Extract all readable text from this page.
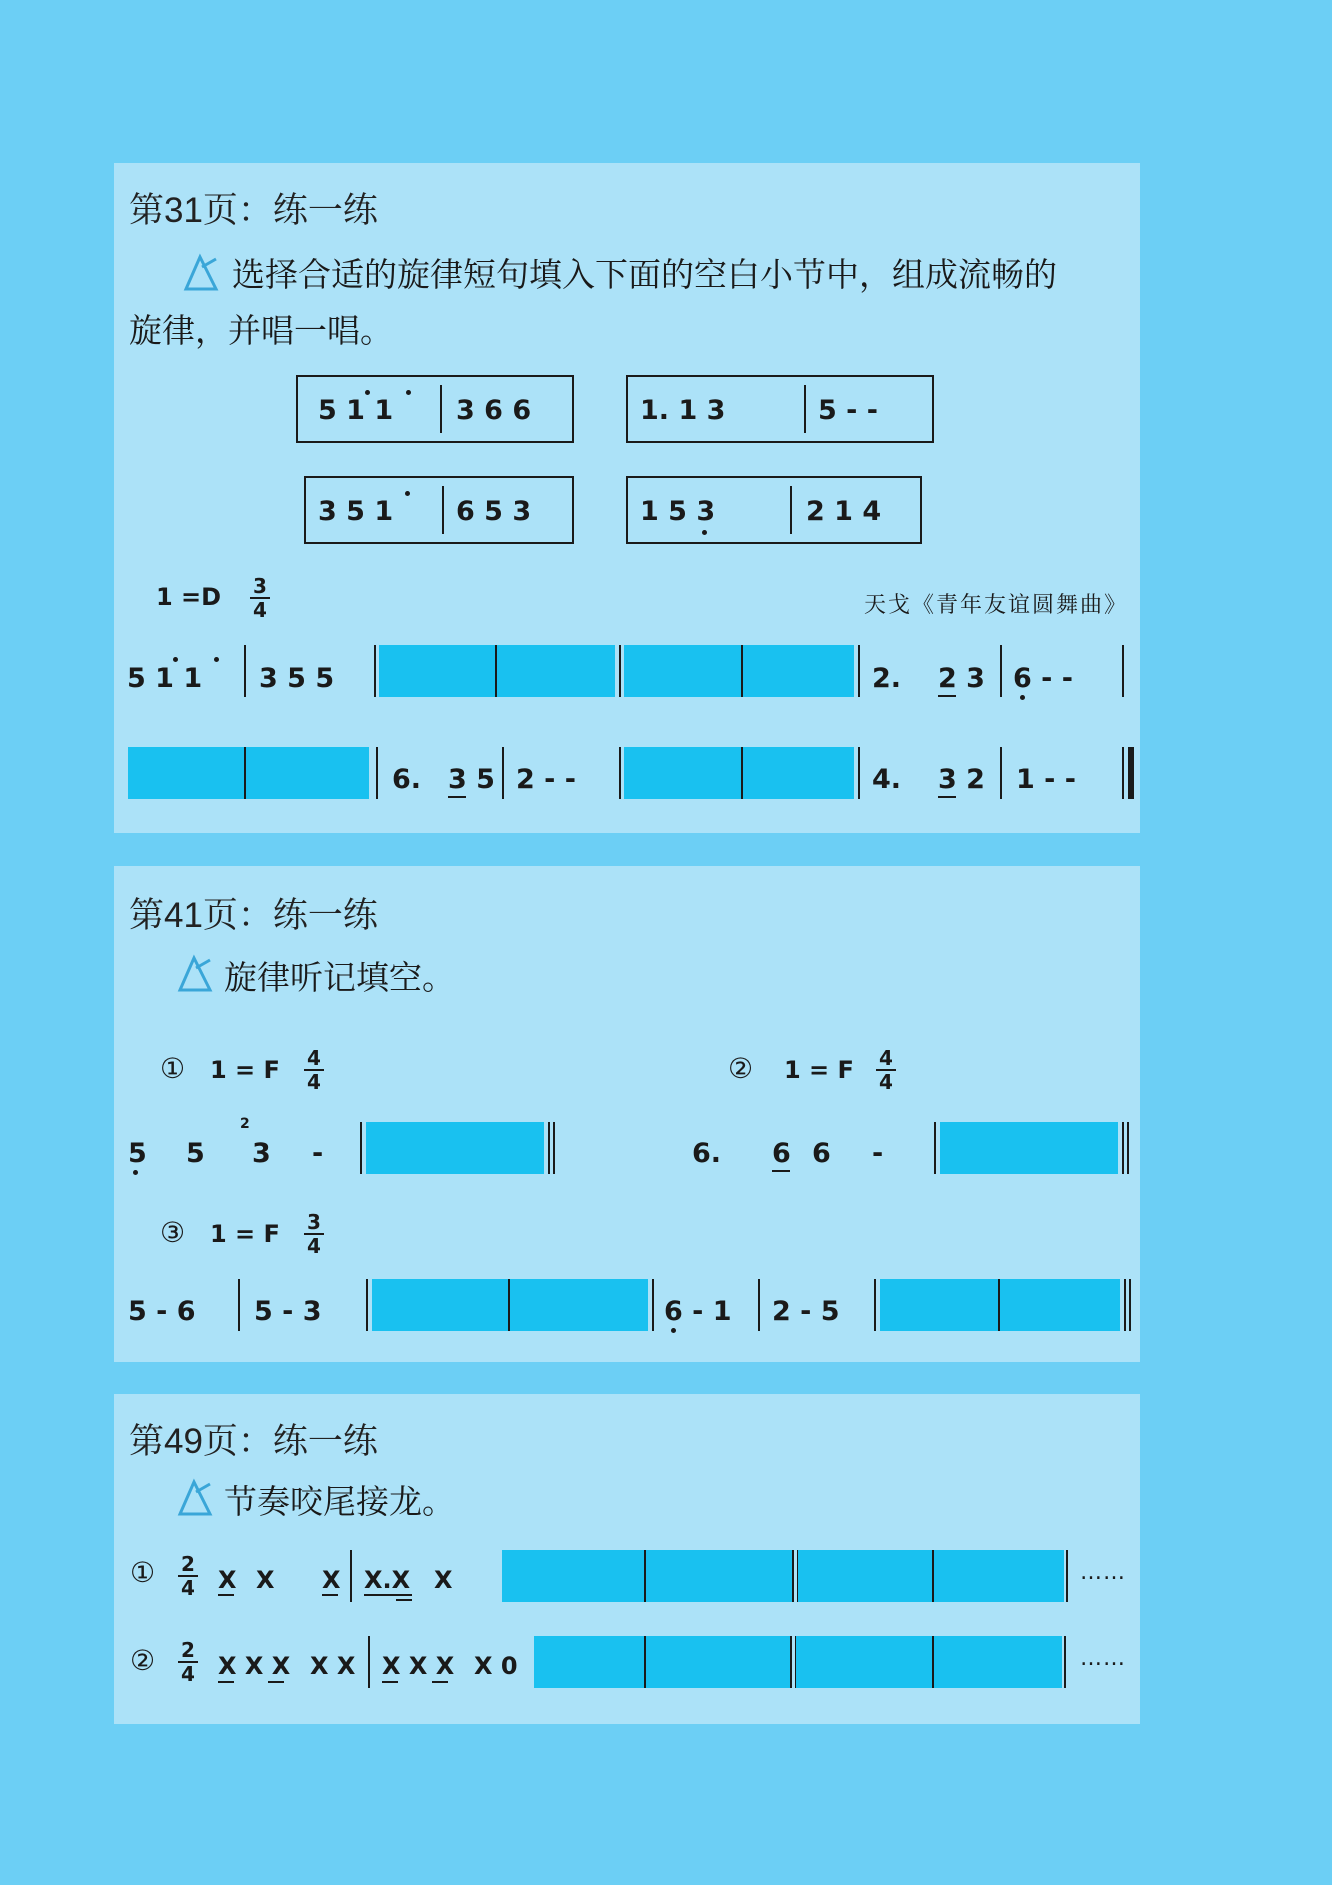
第31页：练一练
选择合适的旋律短句填入下面的空白小节中，组成流畅的
旋律，并唱一唱。
5 1 1 3 6 6	1. 1 3	5 - -
3 5 1 6 5 3	1 5 3	2 1 4
1 =D 3
4	天戈《青年友谊圆舞曲》
5 1 1 3 5 5	2. 2 3 6 - -
6. 3 5 2 - -	4. 3 2 1 - -
第41页：练一练
旋律听记填空。
① 1 = F 4
4
5 5
2
3 -
② 1 = F 4
4
6. 6 6 -
③ 1 = F 3
4
5 - 6 5 - 3	6 - 1 2 - 5
第49页：练一练
节奏咬尾接龙。
① 2
4 X X X X.X X	……
② 2
4 X X X X X X X X X 0	……
